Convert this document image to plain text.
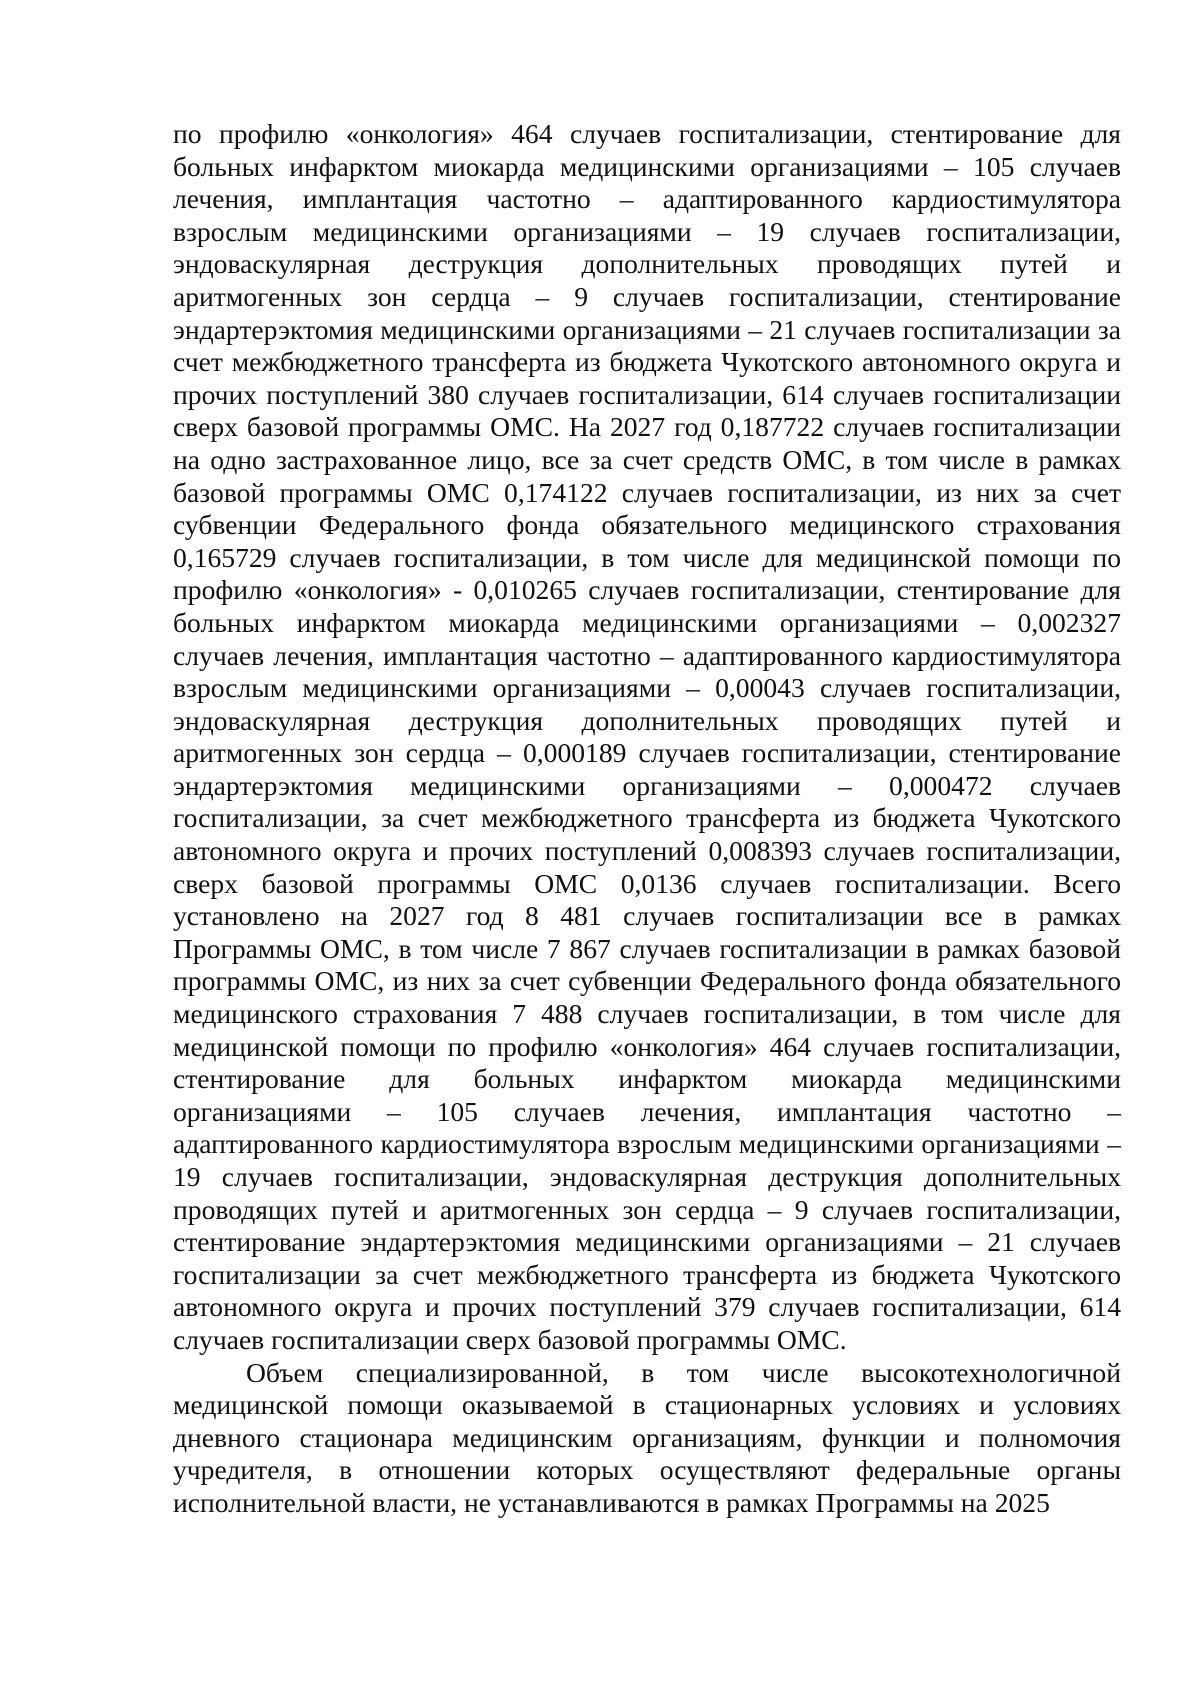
по профилю «онкология» 464 случаев госпитализации, стентирование для больных инфарктом миокарда медицинскими организациями – 105 случаев лечения, имплантация частотно – адаптированного кардиостимулятора взрослым медицинскими организациями – 19 случаев госпитализации, эндоваскулярная деструкция дополнительных проводящих путей и аритмогенных зон сердца – 9 случаев госпитализации, стентирование эндартерэктомия медицинскими организациями – 21 случаев госпитализации за счет межбюджетного трансферта из бюджета Чукотского автономного округа и прочих поступлений 380 случаев госпитализации, 614 случаев госпитализации сверх базовой программы ОМС. На 2027 год 0,187722 случаев госпитализации на одно застрахованное лицо, все за счет средств ОМС, в том числе в рамках базовой программы ОМС 0,174122 случаев госпитализации, из них за счет субвенции Федерального фонда обязательного медицинского страхования 0,165729 случаев госпитализации, в том числе для медицинской помощи по профилю «онкология» - 0,010265 случаев госпитализации, стентирование для больных инфарктом миокарда медицинскими организациями – 0,002327 случаев лечения, имплантация частотно – адаптированного кардиостимулятора взрослым медицинскими организациями – 0,00043 случаев госпитализации, эндоваскулярная деструкция дополнительных проводящих путей и аритмогенных зон сердца – 0,000189 случаев госпитализации, стентирование эндартерэктомия медицинскими организациями – 0,000472 случаев госпитализации, за счет межбюджетного трансферта из бюджета Чукотского автономного округа и прочих поступлений 0,008393 случаев госпитализации, сверх базовой программы ОМС 0,0136 случаев госпитализации. Всего установлено на 2027 год 8 481 случаев госпитализации все в рамках Программы ОМС, в том числе 7 867 случаев госпитализации в рамках базовой программы ОМС, из них за счет субвенции Федерального фонда обязательного медицинского страхования 7 488 случаев госпитализации, в том числе для медицинской помощи по профилю «онкология» 464 случаев госпитализации, стентирование для больных инфарктом миокарда медицинскими организациями – 105 случаев лечения, имплантация частотно – адаптированного кардиостимулятора взрослым медицинскими организациями – 19 случаев госпитализации, эндоваскулярная деструкция дополнительных проводящих путей и аритмогенных зон сердца – 9 случаев госпитализации, стентирование эндартерэктомия медицинскими организациями – 21 случаев госпитализации за счет межбюджетного трансферта из бюджета Чукотского автономного округа и прочих поступлений 379 случаев госпитализации, 614 случаев госпитализации сверх базовой программы ОМС.

Объем специализированной, в том числе высокотехнологичной медицинской помощи оказываемой в стационарных условиях и условиях дневного стационара медицинским организациям, функции и полномочия учредителя, в отношении которых осуществляют федеральные органы исполнительной власти, не устанавливаются в рамках Программы на 2025
